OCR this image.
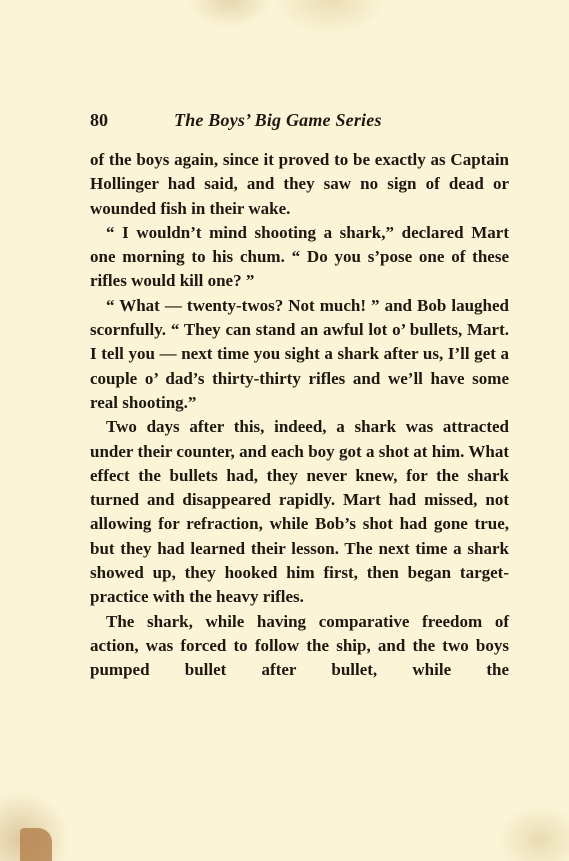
80	The Boys’ Big Game Series

of the boys again, since it proved to be exactly as Captain Hollinger had said, and they saw no sign of dead or wounded fish in their wake.

“ I wouldn’t mind shooting a shark,” declared Mart one morning to his chum. “ Do you s’pose one of these rifles would kill one? ”

“ What — twenty-twos? Not much! ” and Bob laughed scornfully. “ They can stand an awful lot o’ bullets, Mart. I tell you — next time you sight a shark after us, I’ll get a couple o’ dad’s thirty-thirty rifles and we’ll have some real shooting.”

Two days after this, indeed, a shark was attracted under their counter, and each boy got a shot at him. What effect the bullets had, they never knew, for the shark turned and disappeared rapidly. Mart had missed, not allowing for refraction, while Bob’s shot had gone true, but they had learned their lesson. The next time a shark showed up, they hooked him first, then began target-practice with the heavy rifles.

The shark, while having comparative freedom of action, was forced to follow the ship, and the two boys pumped bullet after bullet, while the
